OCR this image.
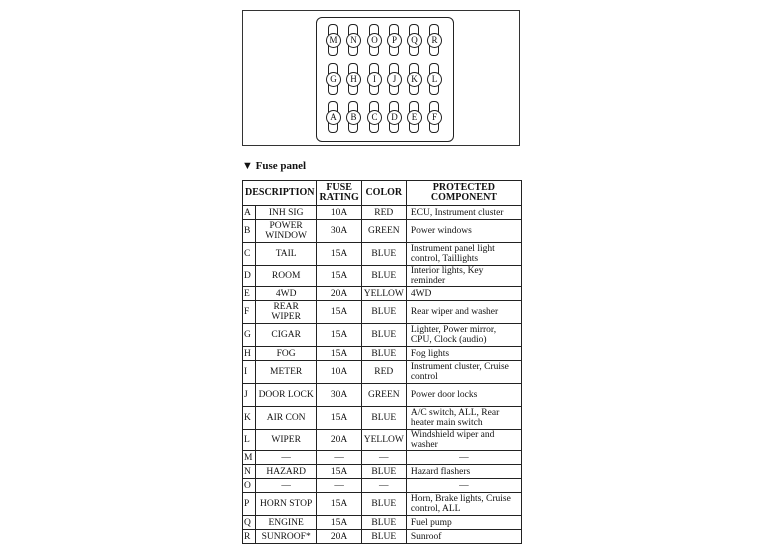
M	N	O	P	Q	R
G	H	I	J	K	L
A	B	C	D	E	F
▼ Fuse panel
DESCRIPTION		FUSE RATING	COLOR	PROTECTED COMPONENT
A	INH SIG	10A	RED	ECU, Instrument cluster
B	POWER WINDOW	30A	GREEN	Power windows
C	TAIL	15A	BLUE	Instrument panel light control, Taillights
D	ROOM	15A	BLUE	Interior lights, Key reminder
E	4WD	20A	YELLOW	4WD
F	REAR WIPER	15A	BLUE	Rear wiper and washer
G	CIGAR	15A	BLUE	Lighter, Power mirror, CPU, Clock (audio)
H	FOG	15A	BLUE	Fog lights
I	METER	10A	RED	Instrument cluster, Cruise control
J	DOOR LOCK	30A	GREEN	Power door locks
K	AIR CON	15A	BLUE	A/C switch, ALL, Rear heater main switch
L	WIPER	20A	YELLOW	Windshield wiper and washer
M	—	—	—	—
N	HAZARD	15A	BLUE	Hazard flashers
O	—	—	—	—
P	HORN STOP	15A	BLUE	Horn, Brake lights, Cruise control, ALL
Q	ENGINE	15A	BLUE	Fuel pump
R	SUNROOF*	20A	BLUE	Sunroof
